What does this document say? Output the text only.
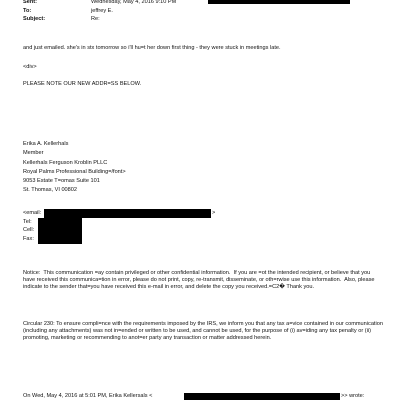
Sent:	Wednesday, May 4, 2016 9:10 PM
To:	jeffrey E.
Subject:	Re:
and just emailed. she's in stx tomorrow so i'll hu=t her down first thing - they were stuck in meetings late.
<div>
PLEASE NOTE OUR NEW ADDR=SS BELOW.
Erika A. Kellerhals
Member
Kellerhals Ferguson Kroblin PLLC
Royal Palms Professional Building=/font>
9053 Estate T=omas Suite 101
St. Thomas, VI 00802
<email:	>
Tel:
Cell:
Fax:
Notice:  This communication =ay contain privileged or other confidential information.  If you are =ot the intended recipient, or believe that you have received this communica=tion in error, please do not print, copy, re-transmit, disseminate, or oth=rwise use this information.  Also, please indicate to the sender that=you have received this e-mail in error, and delete the copy you received.=C2� Thank you.
Circular 230: To ensure compli=nce with the requirements imposed by the IRS, we inform you that any tax a=vice contained in our communication (including any attachments) was not in=ended or written to be used, and cannot be used, for the purpose of (i) av=iding any tax penalty or (ii) promoting, marketing or recommending to anot=er party any transaction or matter addressed herein.
On Wed, May 4, 2016 at 5:01 PM, Erika Kellersals <	>> wrote:
